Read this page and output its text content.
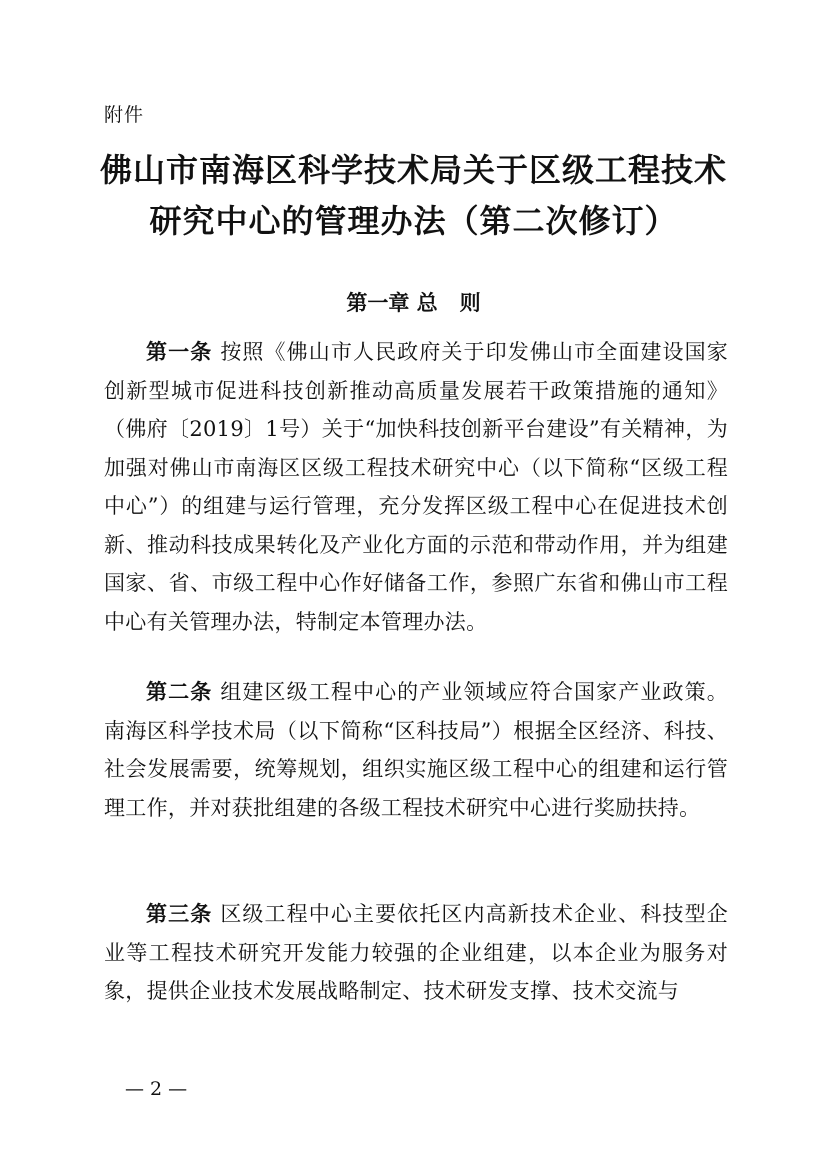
附件
佛山市南海区科学技术局关于区级工程技术
研究中心的管理办法（第二次修订）
第一章 总   则
第一条 按照《佛山市人民政府关于印发佛山市全面建设国家创新型城市促进科技创新推动高质量发展若干政策措施的通知》（佛府〔2019〕1号）关于“加快科技创新平台建设”有关精神，为加强对佛山市南海区区级工程技术研究中心（以下简称“区级工程中心”）的组建与运行管理，充分发挥区级工程中心在促进技术创新、推动科技成果转化及产业化方面的示范和带动作用，并为组建国家、省、市级工程中心作好储备工作，参照广东省和佛山市工程中心有关管理办法，特制定本管理办法。
第二条 组建区级工程中心的产业领域应符合国家产业政策。南海区科学技术局（以下简称“区科技局”）根据全区经济、科技、社会发展需要，统筹规划，组织实施区级工程中心的组建和运行管理工作，并对获批组建的各级工程技术研究中心进行奖励扶持。
第三条 区级工程中心主要依托区内高新技术企业、科技型企业等工程技术研究开发能力较强的企业组建，以本企业为服务对象，提供企业技术发展战略制定、技术研发支撑、技术交流与
— 2 —
